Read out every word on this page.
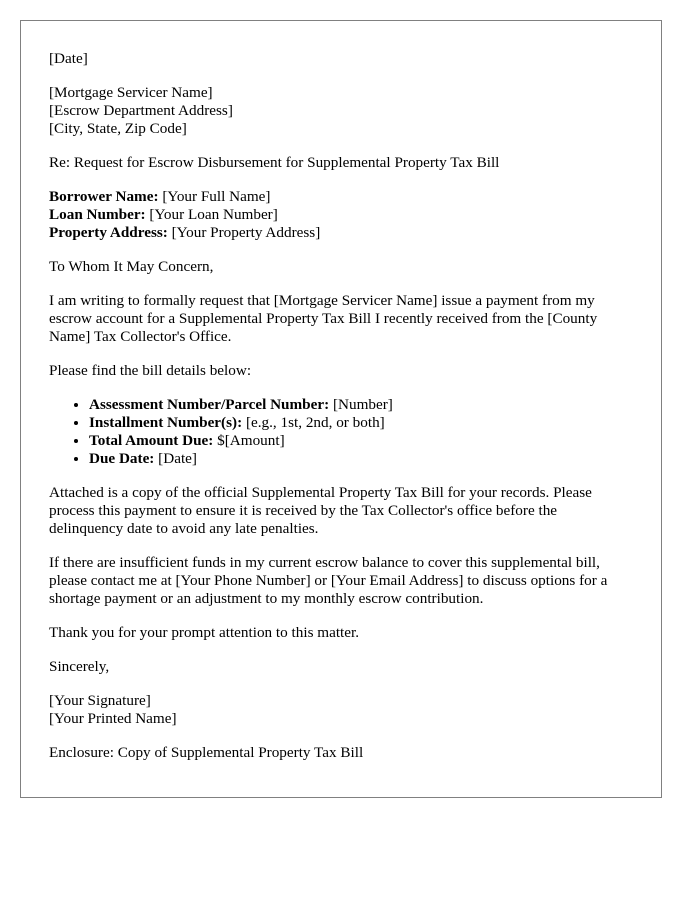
[Date]

[Mortgage Servicer Name]
[Escrow Department Address]
[City, State, Zip Code]

Re: Request for Escrow Disbursement for Supplemental Property Tax Bill

Borrower Name: [Your Full Name]
Loan Number: [Your Loan Number]
Property Address: [Your Property Address]

To Whom It May Concern,

I am writing to formally request that [Mortgage Servicer Name] issue a payment from my escrow account for a Supplemental Property Tax Bill I recently received from the [County Name] Tax Collector's Office.

Please find the bill details below:

• Assessment Number/Parcel Number: [Number]
• Installment Number(s): [e.g., 1st, 2nd, or both]
• Total Amount Due: $[Amount]
• Due Date: [Date]

Attached is a copy of the official Supplemental Property Tax Bill for your records. Please process this payment to ensure it is received by the Tax Collector's office before the delinquency date to avoid any late penalties.

If there are insufficient funds in my current escrow balance to cover this supplemental bill, please contact me at [Your Phone Number] or [Your Email Address] to discuss options for a shortage payment or an adjustment to my monthly escrow contribution.

Thank you for your prompt attention to this matter.

Sincerely,

[Your Signature]
[Your Printed Name]

Enclosure: Copy of Supplemental Property Tax Bill
